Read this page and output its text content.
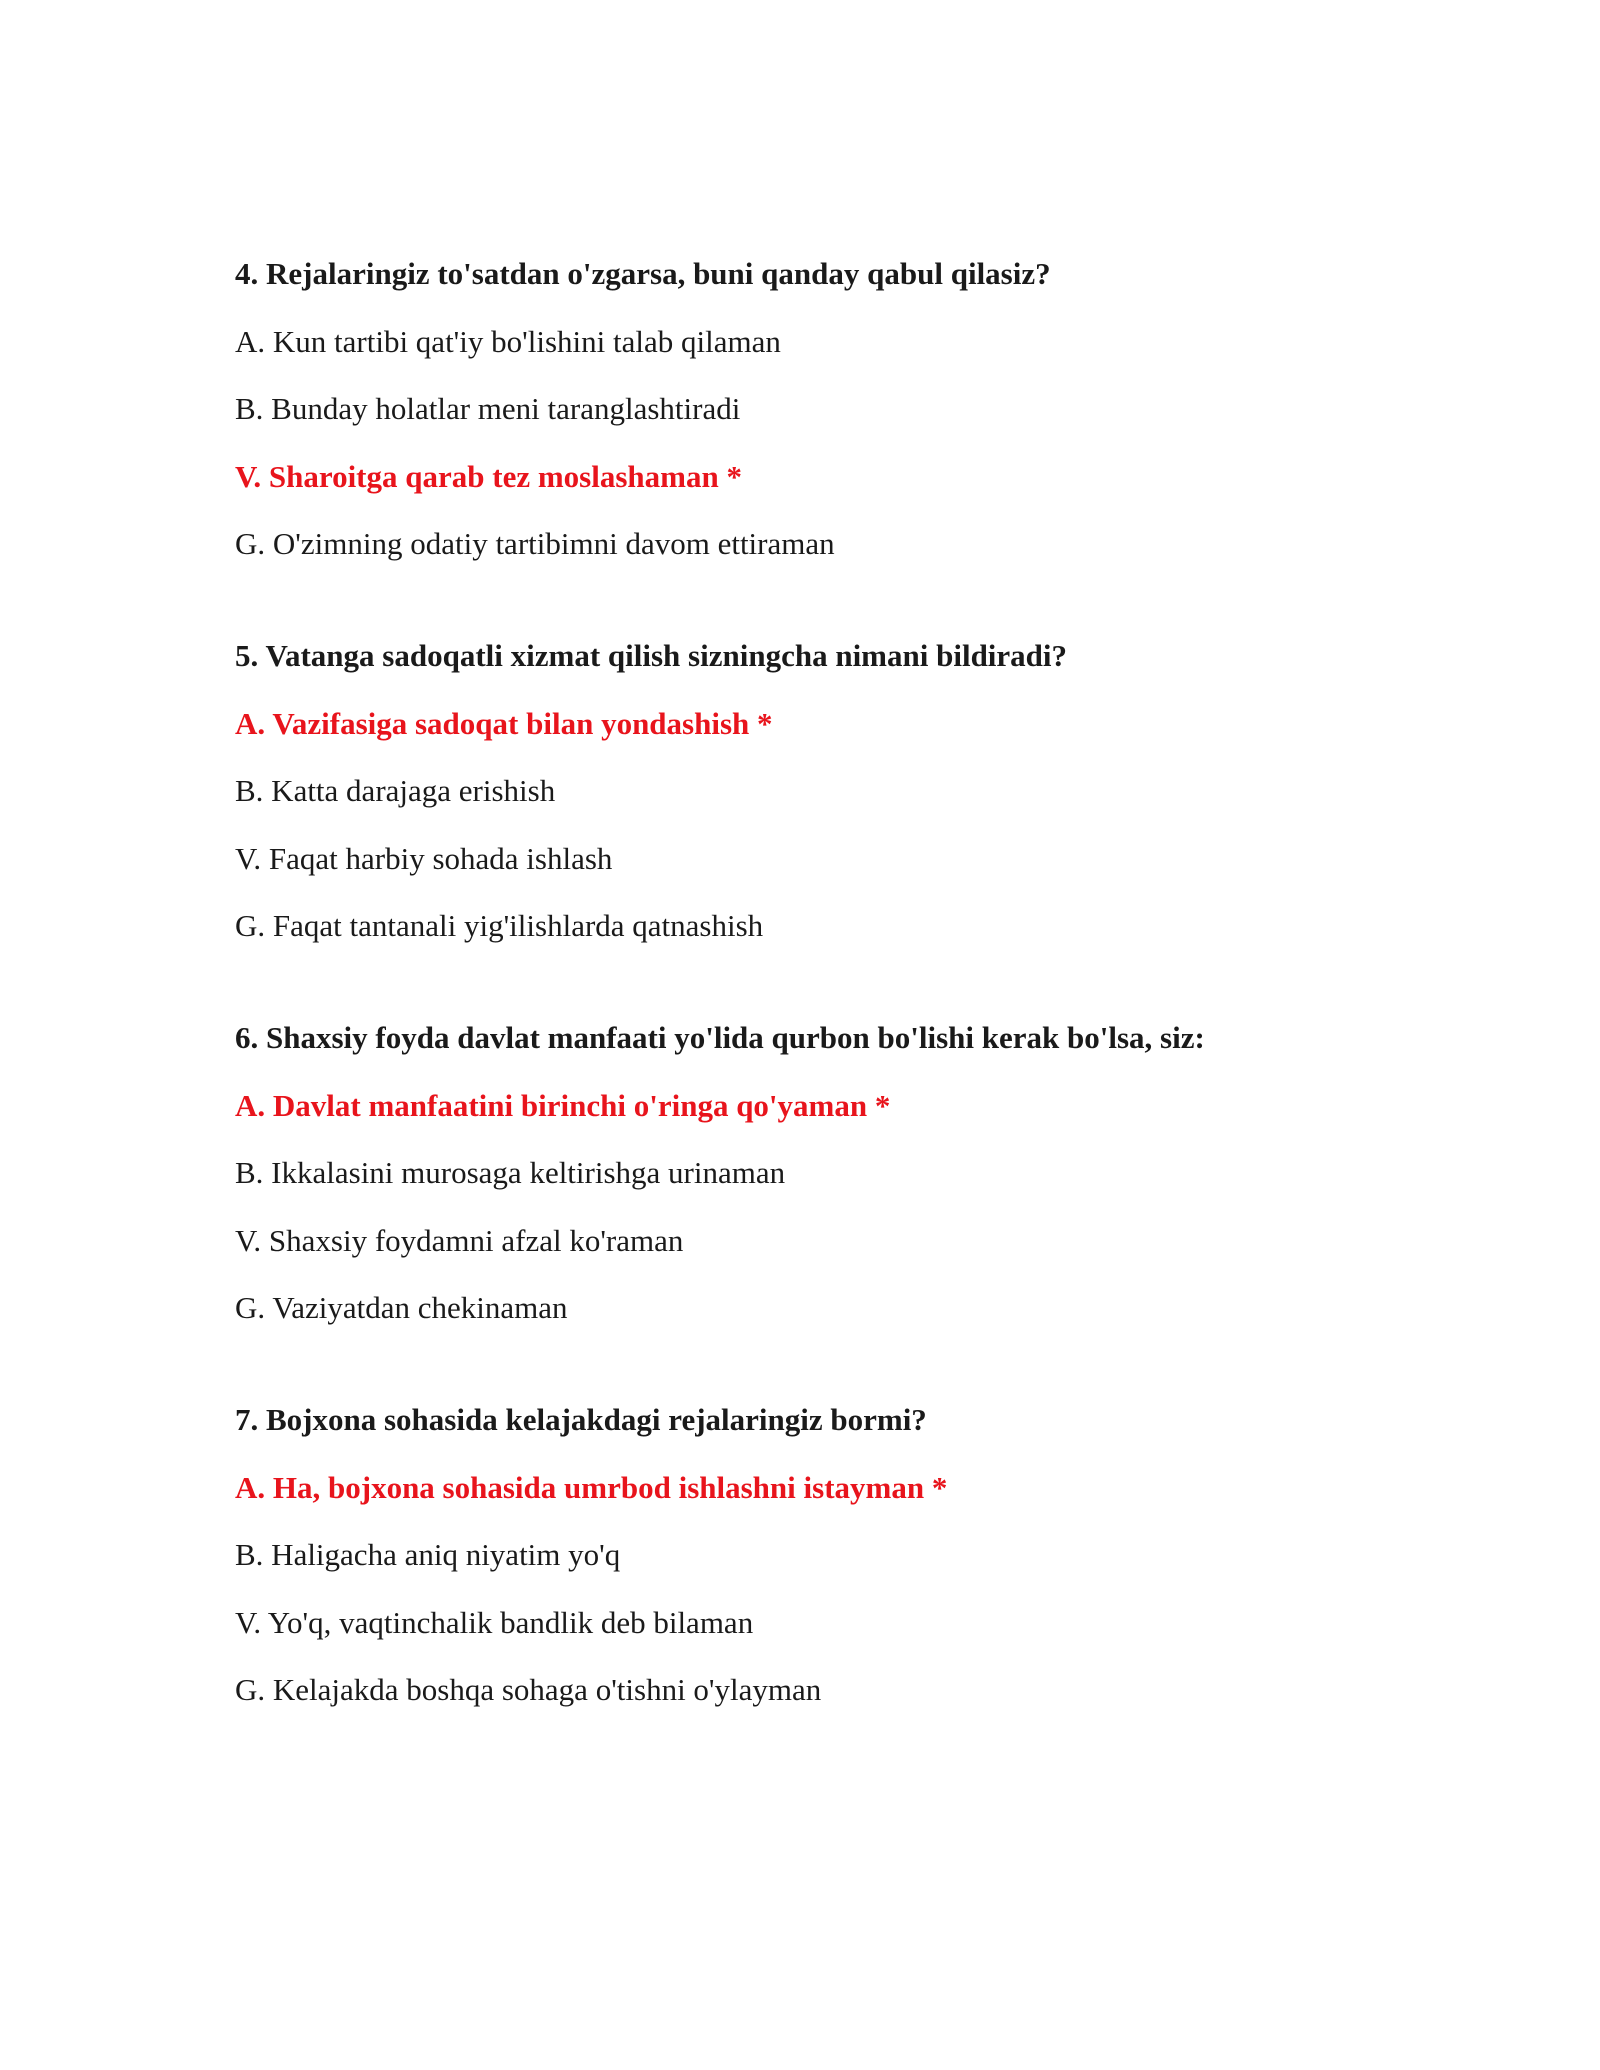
4. Rejalaringiz to'satdan o'zgarsa, buni qanday qabul qilasiz?

A. Kun tartibi qat'iy bo'lishini talab qilaman

B. Bunday holatlar meni taranglashtiradi

V. Sharoitga qarab tez moslashaman *

G. O'zimning odatiy tartibimni davom ettiraman

5. Vatanga sadoqatli xizmat qilish sizningcha nimani bildiradi?

A. Vazifasiga sadoqat bilan yondashish *

B. Katta darajaga erishish

V. Faqat harbiy sohada ishlash

G. Faqat tantanali yig'ilishlarda qatnashish

6. Shaxsiy foyda davlat manfaati yo'lida qurbon bo'lishi kerak bo'lsa, siz:

A. Davlat manfaatini birinchi o'ringa qo'yaman *

B. Ikkalasini murosaga keltirishga urinaman

V. Shaxsiy foydamni afzal ko'raman

G. Vaziyatdan chekinaman

7. Bojxona sohasida kelajakdagi rejalaringiz bormi?

A. Ha, bojxona sohasida umrbod ishlashni istayman *

B. Haligacha aniq niyatim yo'q

V. Yo'q, vaqtinchalik bandlik deb bilaman

G. Kelajakda boshqa sohaga o'tishni o'ylayman
